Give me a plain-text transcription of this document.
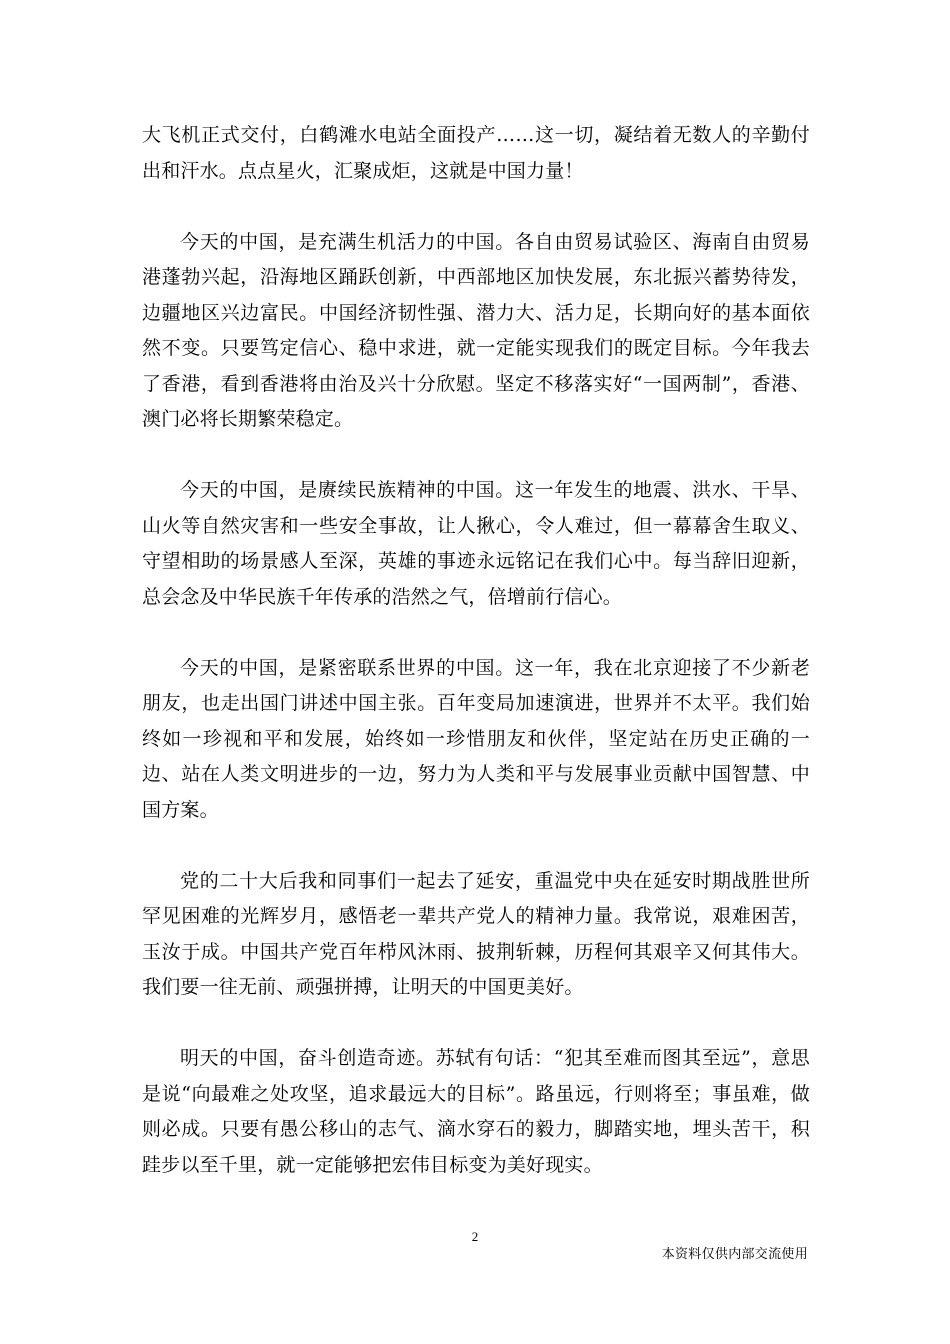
大飞机正式交付，白鹤滩水电站全面投产……这一切，凝结着无数人的辛勤付出和汗水。点点星火，汇聚成炬，这就是中国力量！

今天的中国，是充满生机活力的中国。各自由贸易试验区、海南自由贸易港蓬勃兴起，沿海地区踊跃创新，中西部地区加快发展，东北振兴蓄势待发，边疆地区兴边富民。中国经济韧性强、潜力大、活力足，长期向好的基本面依然不变。只要笃定信心、稳中求进，就一定能实现我们的既定目标。今年我去了香港，看到香港将由治及兴十分欣慰。坚定不移落实好“一国两制”，香港、澳门必将长期繁荣稳定。

今天的中国，是赓续民族精神的中国。这一年发生的地震、洪水、干旱、山火等自然灾害和一些安全事故，让人揪心，令人难过，但一幕幕舍生取义、守望相助的场景感人至深，英雄的事迹永远铭记在我们心中。每当辞旧迎新，总会念及中华民族千年传承的浩然之气，倍增前行信心。

今天的中国，是紧密联系世界的中国。这一年，我在北京迎接了不少新老朋友，也走出国门讲述中国主张。百年变局加速演进，世界并不太平。我们始终如一珍视和平和发展，始终如一珍惜朋友和伙伴，坚定站在历史正确的一边、站在人类文明进步的一边，努力为人类和平与发展事业贡献中国智慧、中国方案。

党的二十大后我和同事们一起去了延安，重温党中央在延安时期战胜世所罕见困难的光辉岁月，感悟老一辈共产党人的精神力量。我常说，艰难困苦，玉汝于成。中国共产党百年栉风沐雨、披荆斩棘，历程何其艰辛又何其伟大。我们要一往无前、顽强拼搏，让明天的中国更美好。

明天的中国，奋斗创造奇迹。苏轼有句话：“犯其至难而图其至远”，意思是说“向最难之处攻坚，追求最远大的目标”。路虽远，行则将至；事虽难，做则必成。只要有愚公移山的志气、滴水穿石的毅力，脚踏实地，埋头苦干，积跬步以至千里，就一定能够把宏伟目标变为美好现实。

2
本资料仅供内部交流使用
